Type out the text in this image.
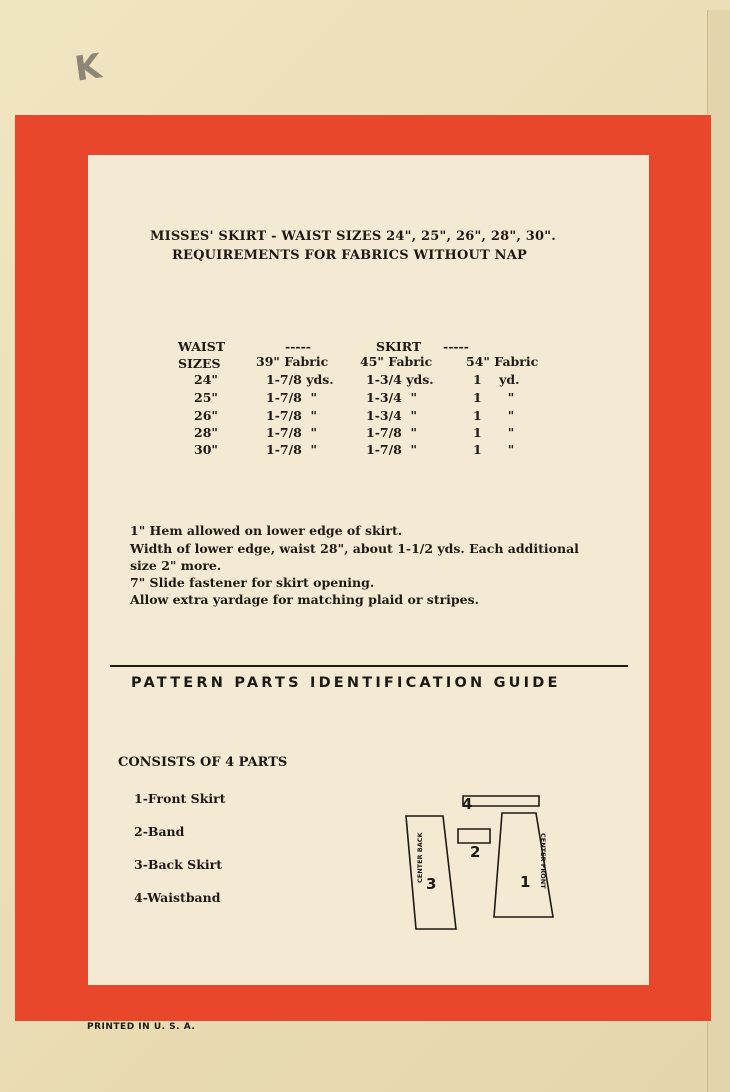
K
MISSES' SKIRT - WAIST SIZES 24", 25", 26", 28", 30".
REQUIREMENTS FOR FABRICS WITHOUT NAP
WAIST	-----	SKIRT -----
SIZES	39" Fabric	45" Fabric	54" Fabric
24"	1-7/8 yds.	1-3/4 yds.	1    yd.
25"	1-7/8  "	1-3/4  "	1      "
26"	1-7/8  "	1-3/4  "	1      "
28"	1-7/8  "	1-7/8  "	1      "
30"	1-7/8  "	1-7/8  "	1      "
1" Hem allowed on lower edge of skirt.
Width of lower edge, waist 28", about 1-1/2 yds. Each additional
size 2" more.
7" Slide fastener for skirt opening.
Allow extra yardage for matching plaid or stripes.
PATTERN PARTS IDENTIFICATION GUIDE
CONSISTS OF 4 PARTS
1-Front Skirt
2-Band
3-Back Skirt
4-Waistband
3
2
4
1
CENTER BACK	CENTER FRONT
PRINTED IN U. S. A.
